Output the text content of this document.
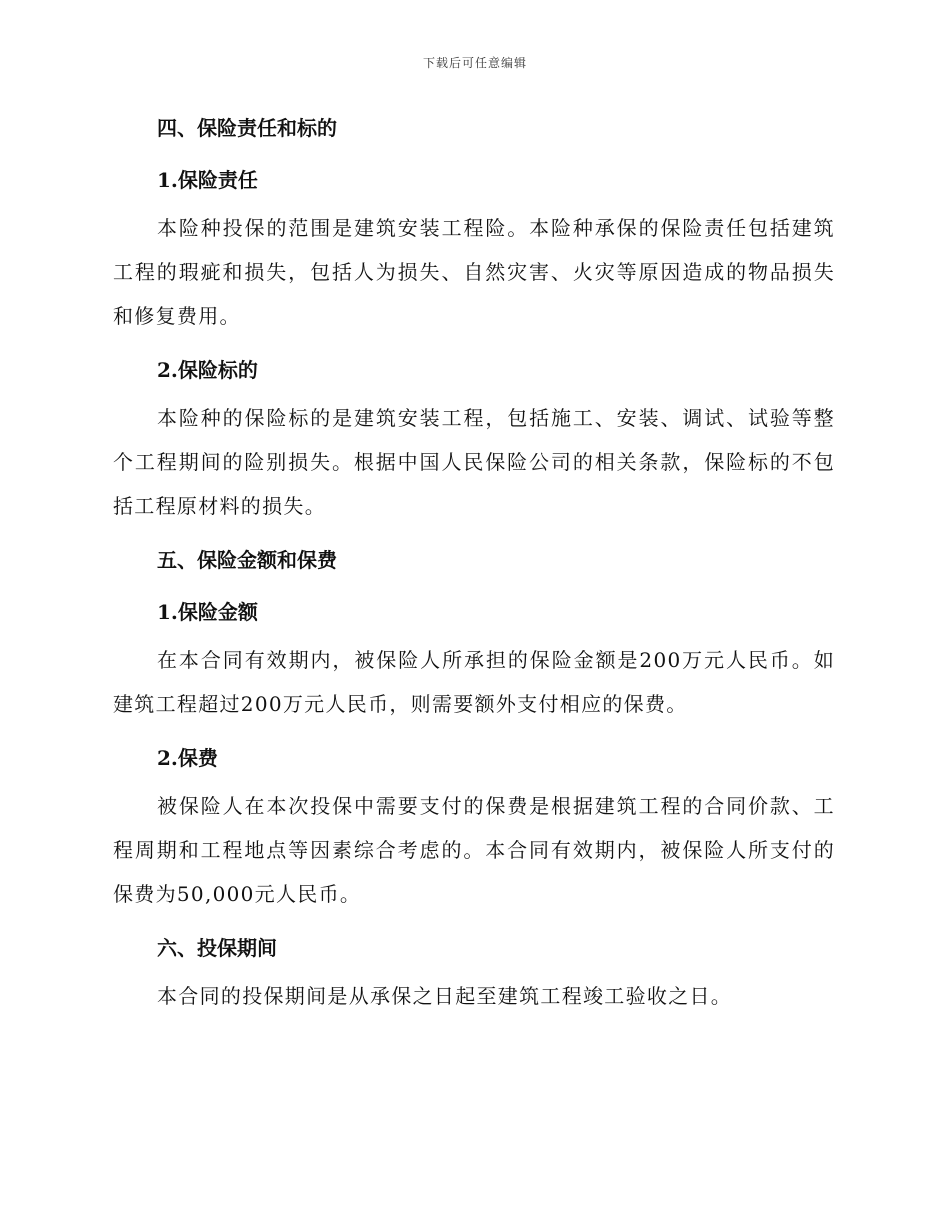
下载后可任意编辑
四、保险责任和标的
1.保险责任

本险种投保的范围是建筑安装工程险。本险种承保的保险责任包括建筑工程的瑕疵和损失，包括人为损失、自然灾害、火灾等原因造成的物品损失和修复费用。

2.保险标的

本险种的保险标的是建筑安装工程，包括施工、安装、调试、试验等整个工程期间的险别损失。根据中国人民保险公司的相关条款，保险标的不包括工程原材料的损失。

五、保险金额和保费
1.保险金额

在本合同有效期内，被保险人所承担的保险金额是200万元人民币。如建筑工程超过200万元人民币，则需要额外支付相应的保费。

2.保费

被保险人在本次投保中需要支付的保费是根据建筑工程的合同价款、工程周期和工程地点等因素综合考虑的。本合同有效期内，被保险人所支付的保费为50,000元人民币。

六、投保期间

本合同的投保期间是从承保之日起至建筑工程竣工验收之日。
